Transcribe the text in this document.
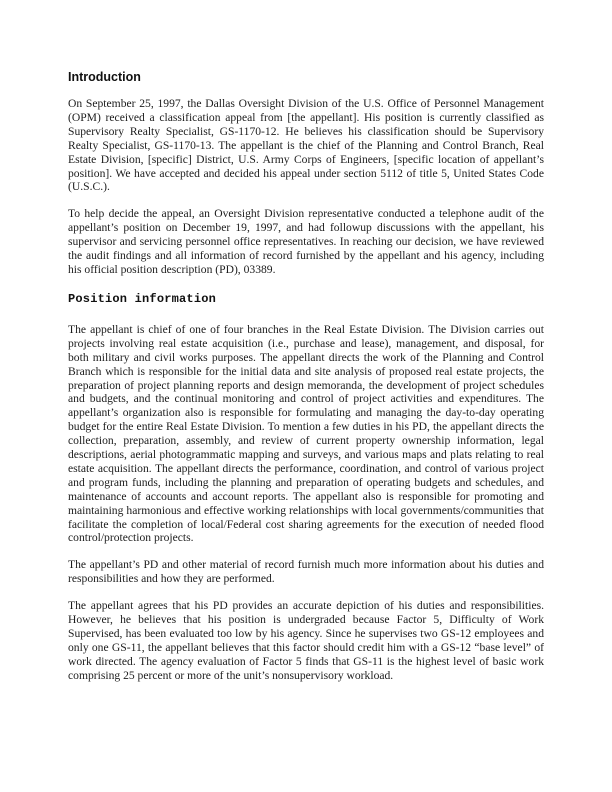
Introduction

On September 25, 1997, the Dallas Oversight Division of the U.S. Office of Personnel Management (OPM) received a classification appeal from [the appellant]. His position is currently classified as Supervisory Realty Specialist, GS-1170-12. He believes his classification should be Supervisory Realty Specialist, GS-1170-13. The appellant is the chief of the Planning and Control Branch, Real Estate Division, [specific] District, U.S. Army Corps of Engineers, [specific location of appellant’s position]. We have accepted and decided his appeal under section 5112 of title 5, United States Code (U.S.C.).

To help decide the appeal, an Oversight Division representative conducted a telephone audit of the appellant’s position on December 19, 1997, and had followup discussions with the appellant, his supervisor and servicing personnel office representatives. In reaching our decision, we have reviewed the audit findings and all information of record furnished by the appellant and his agency, including his official position description (PD), 03389.

Position information

The appellant is chief of one of four branches in the Real Estate Division. The Division carries out projects involving real estate acquisition (i.e., purchase and lease), management, and disposal, for both military and civil works purposes. The appellant directs the work of the Planning and Control Branch which is responsible for the initial data and site analysis of proposed real estate projects, the preparation of project planning reports and design memoranda, the development of project schedules and budgets, and the continual monitoring and control of project activities and expenditures. The appellant’s organization also is responsible for formulating and managing the day-to-day operating budget for the entire Real Estate Division. To mention a few duties in his PD, the appellant directs the collection, preparation, assembly, and review of current property ownership information, legal descriptions, aerial photogrammatic mapping and surveys, and various maps and plats relating to real estate acquisition. The appellant directs the performance, coordination, and control of various project and program funds, including the planning and preparation of operating budgets and schedules, and maintenance of accounts and account reports. The appellant also is responsible for promoting and maintaining harmonious and effective working relationships with local governments/communities that facilitate the completion of local/Federal cost sharing agreements for the execution of needed flood control/protection projects.

The appellant’s PD and other material of record furnish much more information about his duties and responsibilities and how they are performed.

The appellant agrees that his PD provides an accurate depiction of his duties and responsibilities. However, he believes that his position is undergraded because Factor 5, Difficulty of Work Supervised, has been evaluated too low by his agency. Since he supervises two GS-12 employees and only one GS-11, the appellant believes that this factor should credit him with a GS-12 “base level” of work directed. The agency evaluation of Factor 5 finds that GS-11 is the highest level of basic work comprising 25 percent or more of the unit’s nonsupervisory workload.
